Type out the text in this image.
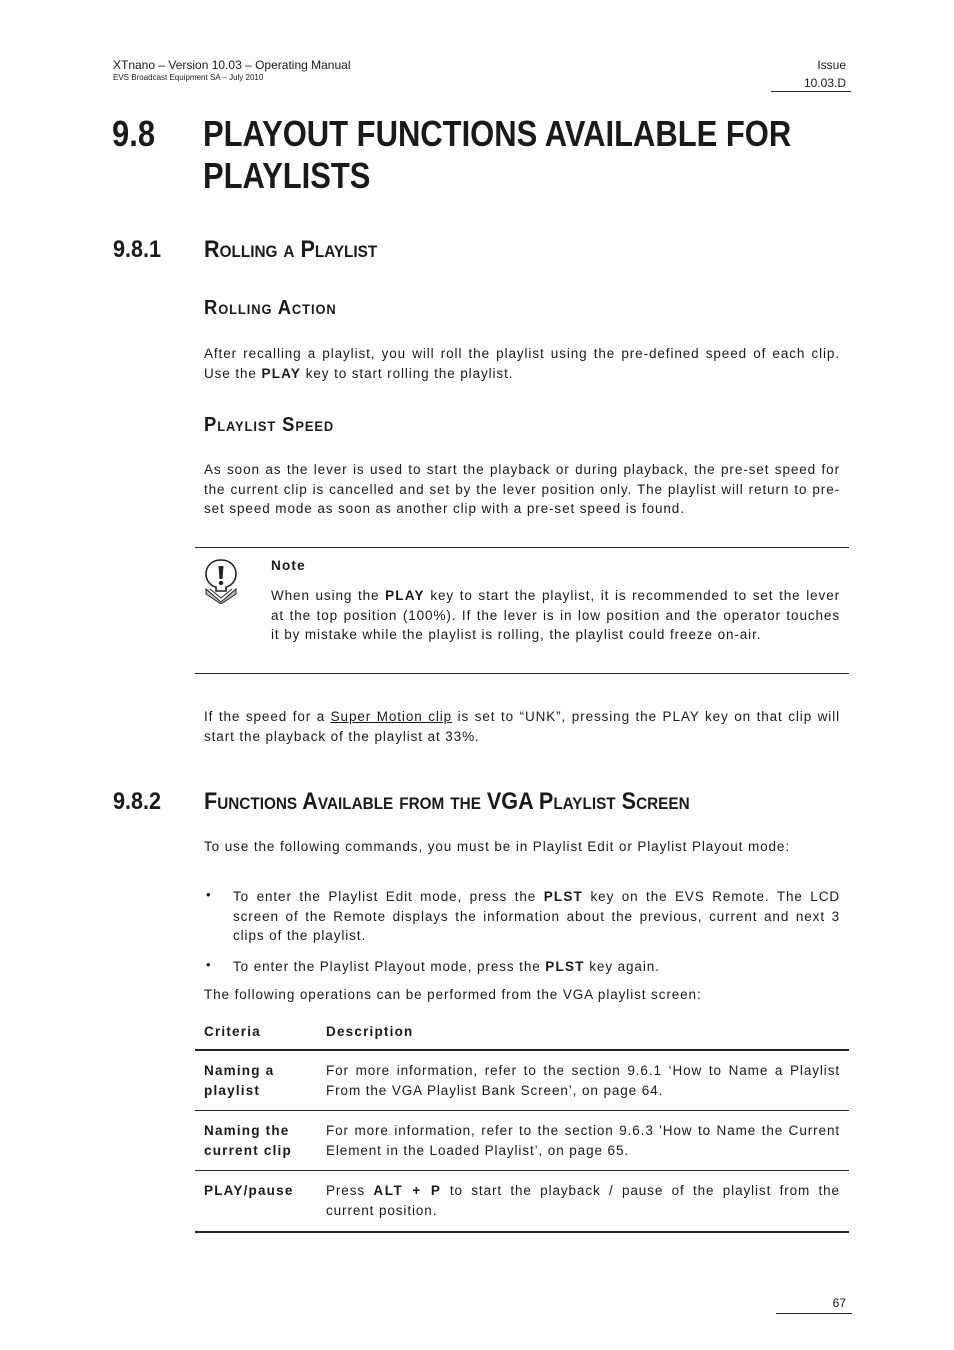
XTnano – Version 10.03 – Operating Manual
EVS Broadcast Equipment SA – July 2010
Issue
10.03.D
9.8 PLAYOUT FUNCTIONS AVAILABLE FOR
PLAYLISTS
9.8.1 Rolling a Playlist
Rolling Action
After recalling a playlist, you will roll the playlist using the pre-defined speed of each clip. Use the PLAY key to start rolling the playlist.
Playlist Speed
As soon as the lever is used to start the playback or during playback, the pre-set speed for the current clip is cancelled and set by the lever position only. The playlist will return to pre-set speed mode as soon as another clip with a pre-set speed is found.
Note
When using the PLAY key to start the playlist, it is recommended to set the lever at the top position (100%). If the lever is in low position and the operator touches it by mistake while the playlist is rolling, the playlist could freeze on-air.
If the speed for a Super Motion clip is set to “UNK”, pressing the PLAY key on that clip will start the playback of the playlist at 33%.
9.8.2 Functions Available from the VGA Playlist Screen
To use the following commands, you must be in Playlist Edit or Playlist Playout mode:
• To enter the Playlist Edit mode, press the PLST key on the EVS Remote. The LCD screen of the Remote displays the information about the previous, current and next 3 clips of the playlist.
• To enter the Playlist Playout mode, press the PLST key again.
The following operations can be performed from the VGA playlist screen:
Criteria	Description
Naming a playlist	For more information, refer to the section 9.6.1 ‘How to Name a Playlist From the VGA Playlist Bank Screen’, on page 64.
Naming the current clip	For more information, refer to the section 9.6.3 'How to Name the Current Element in the Loaded Playlist’, on page 65.
PLAY/pause	Press ALT + P to start the playback / pause of the playlist from the current position.
67
